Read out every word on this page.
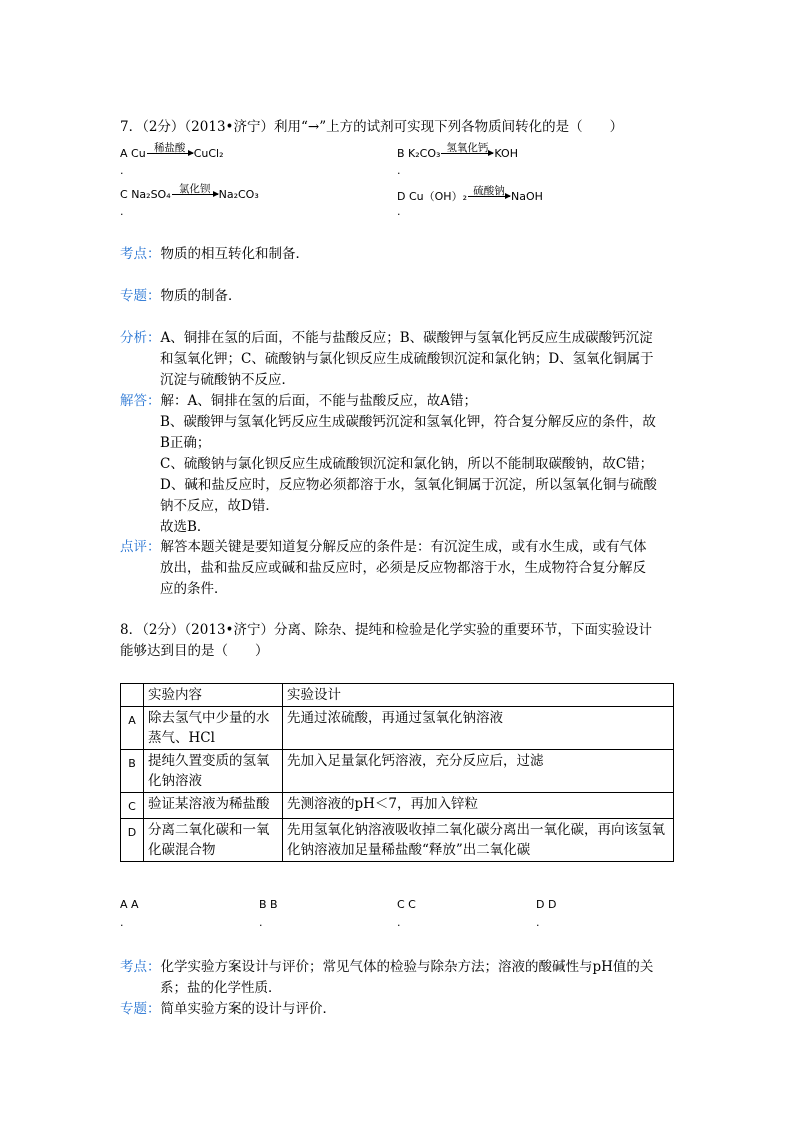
7．（2分）（2013•济宁）利用“→”上方的试剂可实现下列各物质间转化的是（　　）
A Cu 稀盐酸 CuCl₂
.
B K₂CO₃ 氢氧化钙 KOH
.
C Na₂SO₄ 氯化钡 Na₂CO₃
.
D Cu（OH）₂ 硫酸钠 NaOH
.
考点：物质的相互转化和制备．
专题：物质的制备．
分析：A、铜排在氢的后面，不能与盐酸反应；B、碳酸钾与氢氧化钙反应生成碳酸钙沉淀
和氢氧化钾；C、硫酸钠与氯化钡反应生成硫酸钡沉淀和氯化钠；D、氢氧化铜属于
沉淀与硫酸钠不反应．
解答：解：A、铜排在氢的后面，不能与盐酸反应，故A错；
B、碳酸钾与氢氧化钙反应生成碳酸钙沉淀和氢氧化钾，符合复分解反应的条件，故
B正确；
C、硫酸钠与氯化钡反应生成硫酸钡沉淀和氯化钠，所以不能制取碳酸钠，故C错；
D、碱和盐反应时，反应物必须都溶于水，氢氧化铜属于沉淀，所以氢氧化铜与硫酸
钠不反应，故D错．
故选B．
点评：解答本题关键是要知道复分解反应的条件是：有沉淀生成，或有水生成，或有气体
放出，盐和盐反应或碱和盐反应时，必须是反应物都溶于水，生成物符合复分解反
应的条件．
8．（2分）（2013•济宁）分离、除杂、提纯和检验是化学实验的重要环节，下面实验设计
能够达到目的是（　　）
	实验内容	实验设计
A	除去氢气中少量的水蒸气、HCl	先通过浓硫酸，再通过氢氧化钠溶液
B	提纯久置变质的氢氧化钠溶液	先加入足量氯化钙溶液，充分反应后，过滤
C	验证某溶液为稀盐酸	先测溶液的pH＜7，再加入锌粒
D	分离二氧化碳和一氧化碳混合物	先用氢氧化钠溶液吸收掉二氧化碳分离出一氧化碳，再向该氢氧化钠溶液加足量稀盐酸“释放”出二氧化碳
A A
.
B B
.
C C
.
D D
.
考点：化学实验方案设计与评价；常见气体的检验与除杂方法；溶液的酸碱性与pH值的关
系；盐的化学性质．
专题：简单实验方案的设计与评价．
